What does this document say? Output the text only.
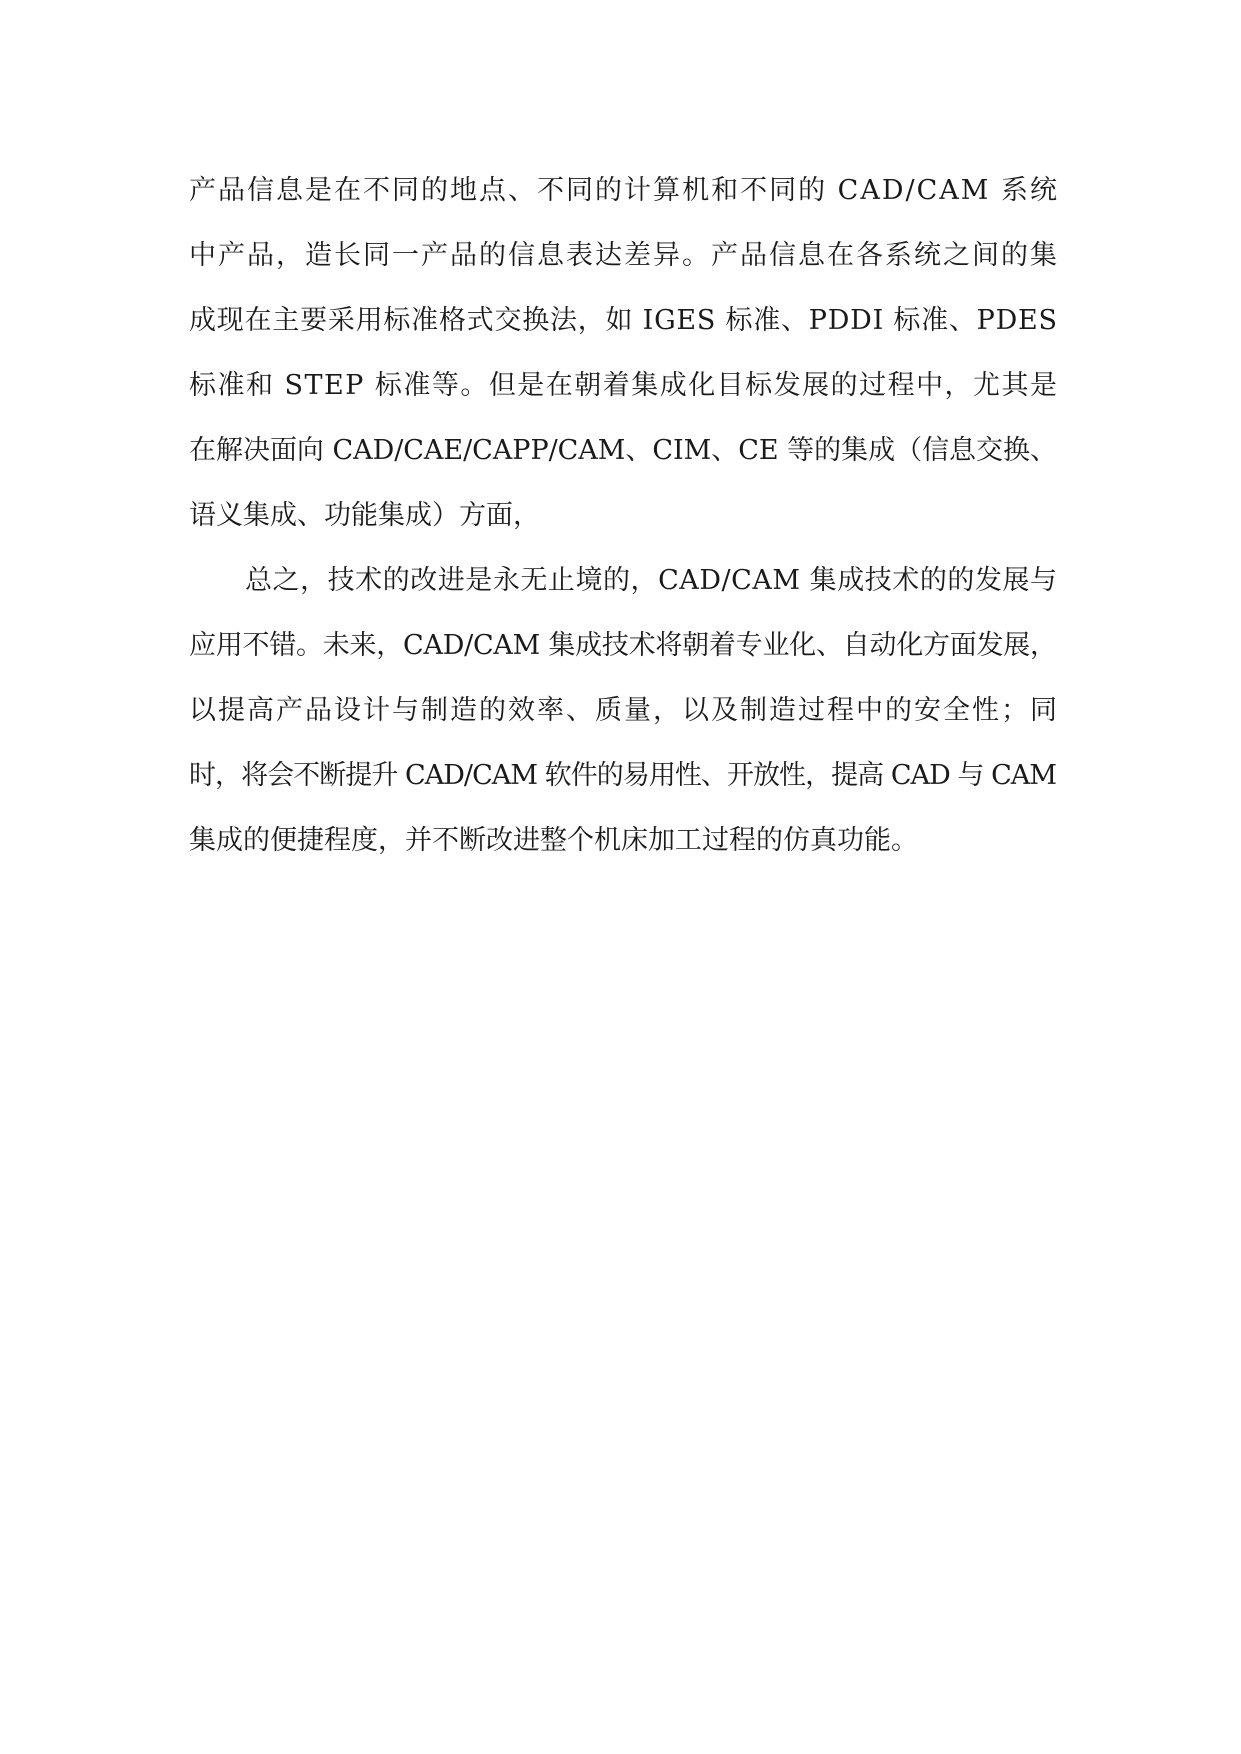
产品信息是在不同的地点、不同的计算机和不同的 CAD/CAM 系统
中产品，造长同一产品的信息表达差异。产品信息在各系统之间的集
成现在主要采用标准格式交换法，如 IGES 标准、PDDI 标准、PDES
标准和 STEP 标准等。但是在朝着集成化目标发展的过程中，尤其是
在解决面向 CAD/CAE/CAPP/CAM、CIM、CE 等的集成（信息交换、
语义集成、功能集成）方面，
总之，技术的改进是永无止境的，CAD/CAM 集成技术的的发展与
应用不错。未来，CAD/CAM 集成技术将朝着专业化、自动化方面发展，
以提高产品设计与制造的效率、质量，以及制造过程中的安全性；同
时，将会不断提升 CAD/CAM 软件的易用性、开放性，提高 CAD 与 CAM
集成的便捷程度，并不断改进整个机床加工过程的仿真功能。
